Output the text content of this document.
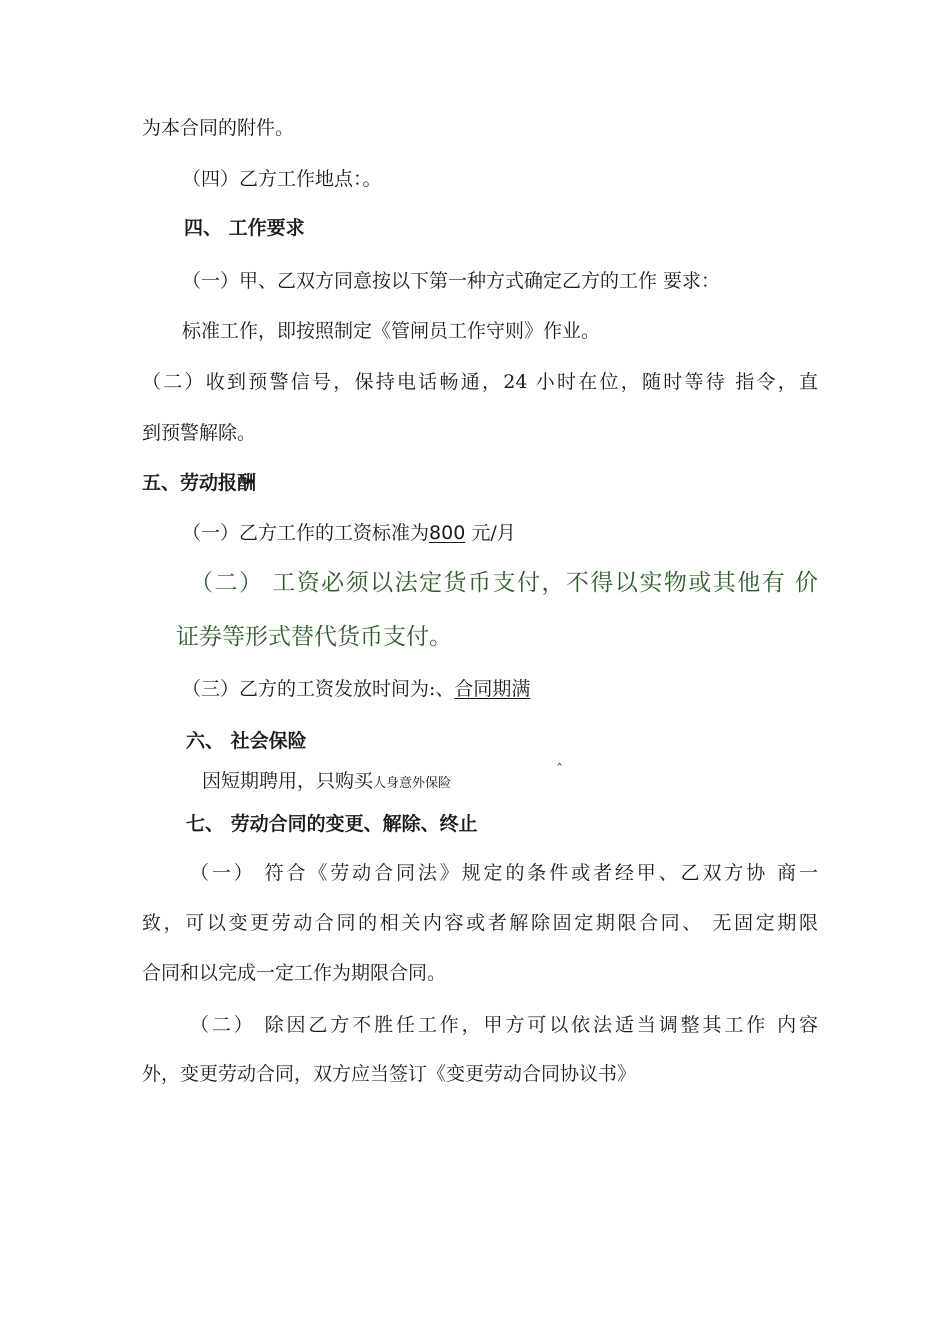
为本合同的附件。
（四）乙方工作地点：。
四、 工作要求
（一）甲、乙双方同意按以下第一种方式确定乙方的工作 要求：
标准工作，即按照制定《管闸员工作守则》作业。
（二）收到预警信号，保持电话畅通，24 小时在位，随时等待 指令，直
到预警解除。
五、劳动报酬
（一）乙方工作的工资标准为800 元/月
（二） 工资必须以法定货币支付，不得以实物或其他有 价
证券等形式替代货币支付。
（三）乙方的工资发放时间为:、合同期满
六、 社会保险
因短期聘用，只购买人身意外保险
ˆ
七、 劳动合同的变更、解除、终止
（一） 符合《劳动合同法》规定的条件或者经甲、乙双方协 商一
致，可以变更劳动合同的相关内容或者解除固定期限合同、 无固定期限
合同和以完成一定工作为期限合同。
（二） 除因乙方不胜任工作，甲方可以依法适当调整其工作 内容
外，变更劳动合同，双方应当签订《变更劳动合同协议书》
